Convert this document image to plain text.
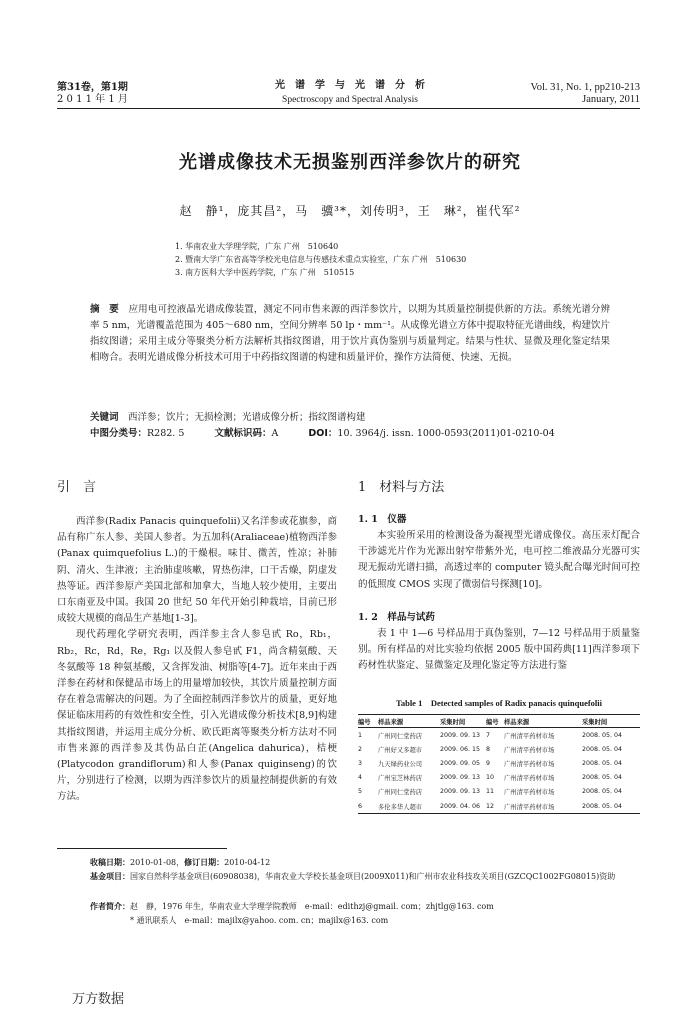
第31卷，第1期
2 0 1 1 年 1 月
光　谱　学　与　光　谱　分　析
Spectroscopy and Spectral Analysis
Vol. 31, No. 1, pp210-213
January, 2011
光谱成像技术无损鉴别西洋参饮片的研究
赵　静¹，庞其昌²，马　骥³*，刘传明³，王　琳²，崔代军²
1. 华南农业大学理学院，广东 广州　510640
2. 暨南大学广东省高等学校光电信息与传感技术重点实验室，广东 广州　510630
3. 南方医科大学中医药学院，广东 广州　510515
摘　要　 应用电可控液晶光谱成像装置，测定不同市售来源的西洋参饮片，以期为其质量控制提供新的方法。系统光谱分辨率 5 nm，光谱覆盖范围为 405～680 nm，空间分辨率 50 lp・mm⁻¹。从成像光谱立方体中提取特征光谱曲线，构建饮片指纹图谱；采用主成分等聚类分析方法解析其指纹图谱，用于饮片真伪鉴别与质量判定。结果与性状、显微及理化鉴定结果相吻合。表明光谱成像分析技术可用于中药指纹图谱的构建和质量评价，操作方法简便、快速、无损。
关键词　 西洋参；饮片；无损检测；光谱成像分析；指纹图谱构建
中图分类号：R282. 5	文献标识码：A	DOI：10. 3964/j. issn. 1000-0593(2011)01-0210-04
引　言

西洋参(Radix Panacis quinquefolii)又名洋参或花旗参，商品有称广东人参、美国人参者。为五加科(Araliaceae)植物西洋参(Panax quimquefolius L.)的干燥根。味甘、微苦，性凉；补肺阴、清火、生津液；主治肺虚咳嗽，胃热伤津，口干舌燥，阴虚发热等证。西洋参原产美国北部和加拿大，当地人较少使用，主要出口东南亚及中国。我国 20 世纪 50 年代开始引种栽培，目前已形成较大规模的商品生产基地[1-3]。

现代药理化学研究表明，西洋参主含人参皂甙 Ro，Rb₁，Rb₂，Rc，Rd，Re，Rg₁ 以及假人参皂甙 F1，尚含精氨酸、天冬氨酸等 18 种氨基酸，又含挥发油、树脂等[4-7]。近年来由于西洋参在药材和保健品市场上的用量增加较快，其饮片质量控制方面存在着急需解决的问题。为了全面控制西洋参饮片的质量，更好地保证临床用药的有效性和安全性，引入光谱成像分析技术[8,9]构建其指纹图谱，并运用主成分分析、欧氏距离等聚类分析方法对不同市售来源的西洋参及其伪品白芷(Angelica dahurica)，桔梗(Platycodon grandiflorum)和人参(Panax quiginseng)的饮片，分别进行了检测，以期为西洋参饮片的质量控制提供新的有效方法。

1　材料与方法
1. 1　仪器

本实验所采用的检测设备为凝视型光谱成像仪。高压汞灯配合干涉滤光片作为光源出射窄带紫外光，电可控二维液晶分光器可实现无振动光谱扫描，高透过率的 computer 镜头配合曝光时间可控的低照度 CMOS 实现了微弱信号探测[10]。

1. 2　样品与试药

表 1 中 1—6 号样品用于真伪鉴别，7—12 号样品用于质量鉴别。所有样品的对比实验均依据 2005 版中国药典[11]西洋参项下药材性状鉴定、显微鉴定及理化鉴定等方法进行鉴

Table 1　Detected samples of Radix panacis quinquefolii
编号	样品来源	采集时间	编号	样品来源	采集时间
1	广州同仁堂药店	2009. 09. 13	7	广州清平药材市场	2008. 05. 04
2	广州好又多超市	2009. 06. 15	8	广州清平药材市场	2008. 05. 04
3	九天绿药业公司	2009. 09. 05	9	广州清平药材市场	2008. 05. 04
4	广州宝芝林药店	2009. 09. 13	10	广州清平药材市场	2008. 05. 04
5	广州同仁堂药店	2009. 09. 13	11	广州清平药材市场	2008. 05. 04
6	多伦多华人超市	2009. 04. 06	12	广州清平药材市场	2008. 05. 04
收稿日期：2010-01-08，修订日期：2010-04-12
基金项目：国家自然科学基金项目(60908038)，华南农业大学校长基金项目(2009X011)和广州市农业科技攻关项目(GZCQC1002FG08015)资助
作者简介：赵　静，1976 年生，华南农业大学理学院教师　e-mail：edithzj@gmail. com；zhjtlg@163. com
* 通讯联系人　e-mail：majilx@yahoo. com. cn；majilx@163. com
万方数据
